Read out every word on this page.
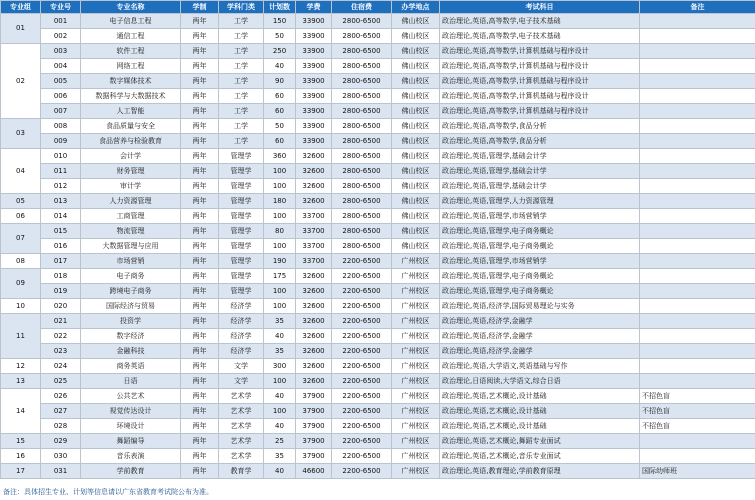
专业组	专业号	专业名称	学制	学科门类	计划数	学费	住宿费	办学地点	考试科目	备注
01	001	电子信息工程	两年	工学	150	33900	2800-6500	佛山校区	政治理论,英语,高等数学,电子技术基础	
	002	通信工程	两年	工学	50	33900	2800-6500	佛山校区	政治理论,英语,高等数学,电子技术基础	
02	003	软件工程	两年	工学	250	33900	2800-6500	佛山校区	政治理论,英语,高等数学,计算机基础与程序设计	
	004	网络工程	两年	工学	40	33900	2800-6500	佛山校区	政治理论,英语,高等数学,计算机基础与程序设计	
	005	数字媒体技术	两年	工学	90	33900	2800-6500	佛山校区	政治理论,英语,高等数学,计算机基础与程序设计	
	006	数据科学与大数据技术	两年	工学	60	33900	2800-6500	佛山校区	政治理论,英语,高等数学,计算机基础与程序设计	
	007	人工智能	两年	工学	60	33900	2800-6500	佛山校区	政治理论,英语,高等数学,计算机基础与程序设计	
03	008	食品质量与安全	两年	工学	50	33900	2800-6500	佛山校区	政治理论,英语,高等数学,食品分析	
	009	食品营养与检验教育	两年	工学	60	33900	2800-6500	佛山校区	政治理论,英语,高等数学,食品分析	
04	010	会计学	两年	管理学	360	32600	2800-6500	佛山校区	政治理论,英语,管理学,基础会计学	
	011	财务管理	两年	管理学	100	32600	2800-6500	佛山校区	政治理论,英语,管理学,基础会计学	
	012	审计学	两年	管理学	100	32600	2800-6500	佛山校区	政治理论,英语,管理学,基础会计学	
05	013	人力资源管理	两年	管理学	180	32600	2800-6500	佛山校区	政治理论,英语,管理学,人力资源管理	
06	014	工商管理	两年	管理学	100	33700	2800-6500	佛山校区	政治理论,英语,管理学,市场营销学	
07	015	物流管理	两年	管理学	80	33700	2800-6500	佛山校区	政治理论,英语,管理学,电子商务概论	
	016	大数据管理与应用	两年	管理学	100	33700	2800-6500	佛山校区	政治理论,英语,管理学,电子商务概论	
08	017	市场营销	两年	管理学	190	33700	2200-6500	广州校区	政治理论,英语,管理学,市场营销学	
09	018	电子商务	两年	管理学	175	32600	2200-6500	广州校区	政治理论,英语,管理学,电子商务概论	
	019	跨境电子商务	两年	管理学	100	32600	2200-6500	广州校区	政治理论,英语,管理学,电子商务概论	
10	020	国际经济与贸易	两年	经济学	100	32600	2200-6500	广州校区	政治理论,英语,经济学,国际贸易理论与实务	
11	021	投资学	两年	经济学	35	32600	2200-6500	广州校区	政治理论,英语,经济学,金融学	
	022	数字经济	两年	经济学	40	32600	2200-6500	广州校区	政治理论,英语,经济学,金融学	
	023	金融科技	两年	经济学	35	32600	2200-6500	广州校区	政治理论,英语,经济学,金融学	
12	024	商务英语	两年	文学	300	32600	2200-6500	广州校区	政治理论,英语,大学语文,英语基础与写作	
13	025	日语	两年	文学	100	32600	2200-6500	广州校区	政治理论,日语阅读,大学语文,综合日语	
14	026	公共艺术	两年	艺术学	40	37900	2200-6500	广州校区	政治理论,英语,艺术概论,设计基础	不招色盲
	027	视觉传达设计	两年	艺术学	100	37900	2200-6500	广州校区	政治理论,英语,艺术概论,设计基础	不招色盲
	028	环境设计	两年	艺术学	40	37900	2200-6500	广州校区	政治理论,英语,艺术概论,设计基础	不招色盲
15	029	舞蹈编导	两年	艺术学	25	37900	2200-6500	广州校区	政治理论,英语,艺术概论,舞蹈专业面试	
16	030	音乐表演	两年	艺术学	35	37900	2200-6500	广州校区	政治理论,英语,艺术概论,音乐专业面试	
17	031	学前教育	两年	教育学	40	46600	2200-6500	广州校区	政治理论,英语,教育理论,学前教育原理	国际幼师班
备注：具体招生专业、计划等信息请以广东省教育考试院公布为准。
